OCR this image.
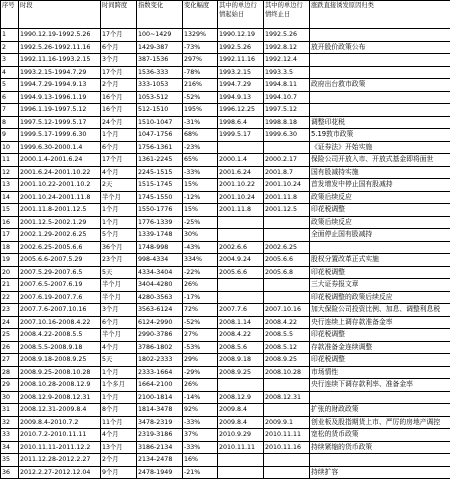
序号	时段	时间跨度	指数变化	变化幅度	其中的单边行情起始日	其中的单边行情终止日	涨跌直接诱发原因归类
1	1990.12.19-1992.5.26	17个月	100~1429	1329%	1990.12.19	1992.5.26	
2	1992.5.26-1992.11.16	6个月	1429-387	-73%	1992.5.26	1992.8.12	放开股价政策公布
3	1992.11.16-1993.2.15	3个月	387-1536	297%	1992.11.16	1992.12.4	
4	1993.2.15-1994.7.29	17个月	1536-333	-78%	1993.2.15	1993.3.5	
5	1994.7.29-1994.9.13	2个月	333-1053	216%	1994.7.29	1994.8.11	政府出台救市政策
6	1994.9.13-1996.1.19	16个月	1053-512	-52%	1994.9.13	1994.10.7	
7	1996.1.19-1997.5.12	16个月	512-1510	195%	1996.12.25	1997.5.12	
8	1997.5.12-1999.5.17	24个月	1510-1047	-31%	1998.6.4	1998.8.18	调整印花税
9	1999.5.17-1999.6.30	1个月	1047-1756	68%	1999.5.17	1999.6.30	5.19敦市政策
10	1999.6.30-2000.1.4	6个月	1756-1361	-23%			《证券法》开始实施
11	2000.1.4-2001.6.24	17个月	1361-2245	65%	2000.1.4	2000.2.17	保险公司开放入市、开放式基金即将面世
12	2001.6.24-2001.10.22	4个月	2245-1515	-33%	2001.6.24	2001.8.7	国有股减持实施
13	2001.10.22-2001.10.2	2天	1515-1745	15%	2001.10.22	2001.10.24	首发增发中停止国有股减持
14	2001.10.24-2001.11.8	半个月	1745-1550	-12%	2001.10.24	2001.11.8	政策后续反应
15	2001.11.8-2001.12.5	1个月	1550-1776	15%	2001.11.8	2001.12.5	印花税调整
16	2001.12.5-2002.1.29	1个月	1776-1339	-25%			政策后续反应
17	2002.1.29-2002.6.25	5个月	1339-1748	30%			全面停止国有股减持
18	2002.6.25-2005.6.6	36个月	1748-998	-43%	2002.6.6	2002.6.25	
19	2005.6.6-2007.5.29	23个月	998-4334	334%	2004.9.24	2005.6.6	股权分置改革正式实施
20	2007.5.29-2007.6.5	5天	4334-3404	-22%	2005.6.6	2005.6.8	印花税调整
21	2007.6.5-2007.6.19	半个月	3404-4280	26%			三大证券报文章
22	2007.6.19-2007.7.6	半个月	4280-3563	-17%			印花税调整的政策后续反应
23	2007.7.6-2007.10.16	3个月	3563-6124	72%	2007.7.6	2007.10.16	加大保险公司投资比例、加息、调整利息税
24	2007.10.16-2008.4.22	6个月	6124-2990	-52%	2008.1.14	2008.4.22	央行连续上调存款准备金率
25	2008.4.22-2008.5.5	半个月	2990-3786	27%	2008.4.22	2008.5.5	印花税调整
26	2008.5.5-2008.9.18	4个月	3786-1802	-53%	2008.5.6	2008.5.12	存款准备金连续调整
27	2008.9.18-2008.9.25	5天	1802-2333	29%	2008.9.18	2008.9.25	印花税调整
28	2008.9.25-2008.10.28	1个月	2333-1664	-29%	2008.9.25	2008.10.28	市场情性
29	2008.10.28-2008.12.9	1个多月	1664-2100	26%			央行连续下调存款利率、准备金率
30	2008.12.9-2008.12.31	1个月	2100-1814	-14%	2008.12.9	2008.12.31	
31	2008.12.31-2009.8.4	8个月	1814-3478	92%	2009.8.4		扩张的财政政策
32	2009.8.4-2010.7.2	11个月	3478-2319	-33%	2009.8.4	2009.9.1	创业板及股指期货上市、严厉的房地产调控
33	2010.7.2-2010.11.11	4个月	2319-3186	37%	2010.9.29	2010.11.11	宽松的货币政策
34	2010.11.11-2011.12.2	13个月	3186-2134	-33%	2010.11.11	2010.11.16	持续紧缩的货币政策
35	2011.12.28-2012.2.27	2个月	2134-2478	16%			
36	2012.2.27-2012.12.04	9个月	2478-1949	-21%			持续扩容
